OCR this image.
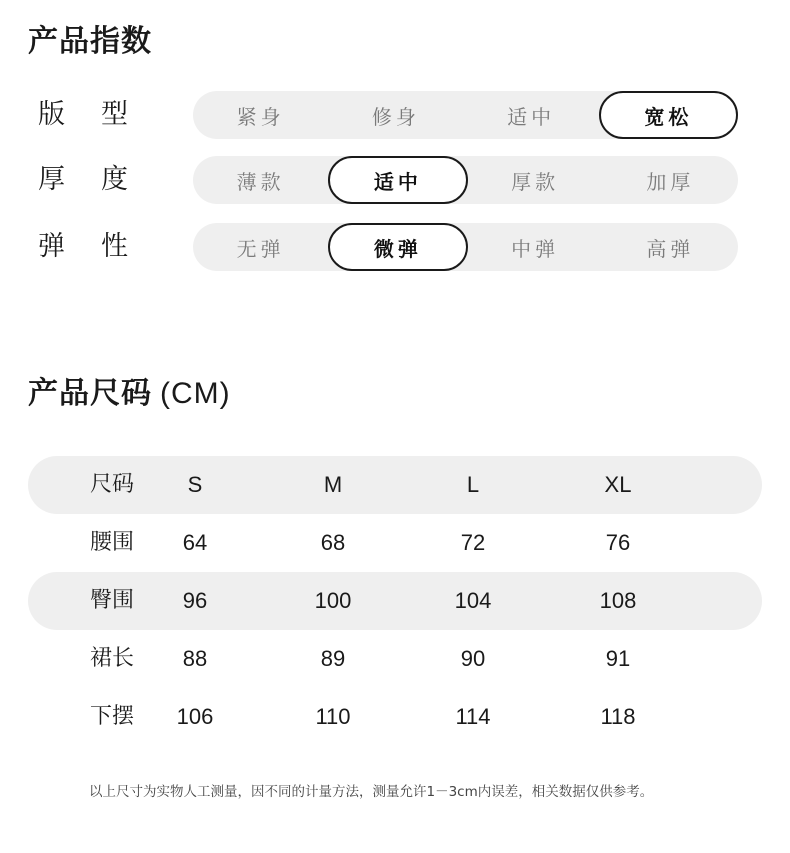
产品指数
版型	紧身	修身	适中	宽松
厚度	薄款	适中	厚款	加厚
弹性	无弹	微弹	中弹	高弹
产品尺码 (CM)
尺码	S	M	L	XL
腰围	64	68	72	76
臀围	96	100	104	108
裙长	88	89	90	91
下摆	106	110	114	118

以上尺寸为实物人工测量，因不同的计量方法，测量允许1－3cm内误差，相关数据仅供参考。
